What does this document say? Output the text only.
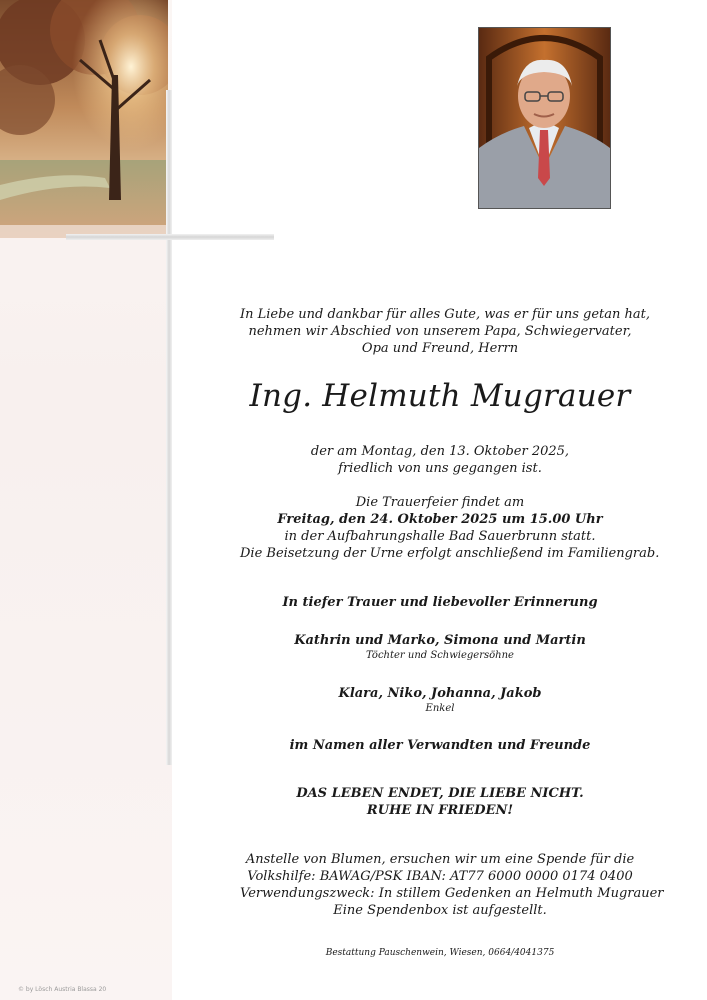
In Liebe und dankbar für alles Gute, was er für uns getan hat,
nehmen wir Abschied von unserem Papa, Schwiegervater,
Opa und Freund, Herrn
Ing. Helmuth Mugrauer
der am Montag, den 13. Oktober 2025,
friedlich von uns gegangen ist.
Die Trauerfeier findet am
Freitag, den 24. Oktober 2025 um 15.00 Uhr
in der Aufbahrungshalle Bad Sauerbrunn statt.
Die Beisetzung der Urne erfolgt anschließend im Familiengrab.
In tiefer Trauer und liebevoller Erinnerung
Kathrin und Marko, Simona und Martin
Töchter und Schwiegersöhne
Klara, Niko, Johanna, Jakob
Enkel
im Namen aller Verwandten und Freunde
DAS LEBEN ENDET, DIE LIEBE NICHT.
RUHE IN FRIEDEN!
Anstelle von Blumen, ersuchen wir um eine Spende für die
Volkshilfe: BAWAG/PSK IBAN: AT77 6000 0000 0174 0400
Verwendungszweck: In stillem Gedenken an Helmuth Mugrauer
Eine Spendenbox ist aufgestellt.
Bestattung Pauschenwein, Wiesen, 0664/4041375
© by Lösch Austria Blassa 20
